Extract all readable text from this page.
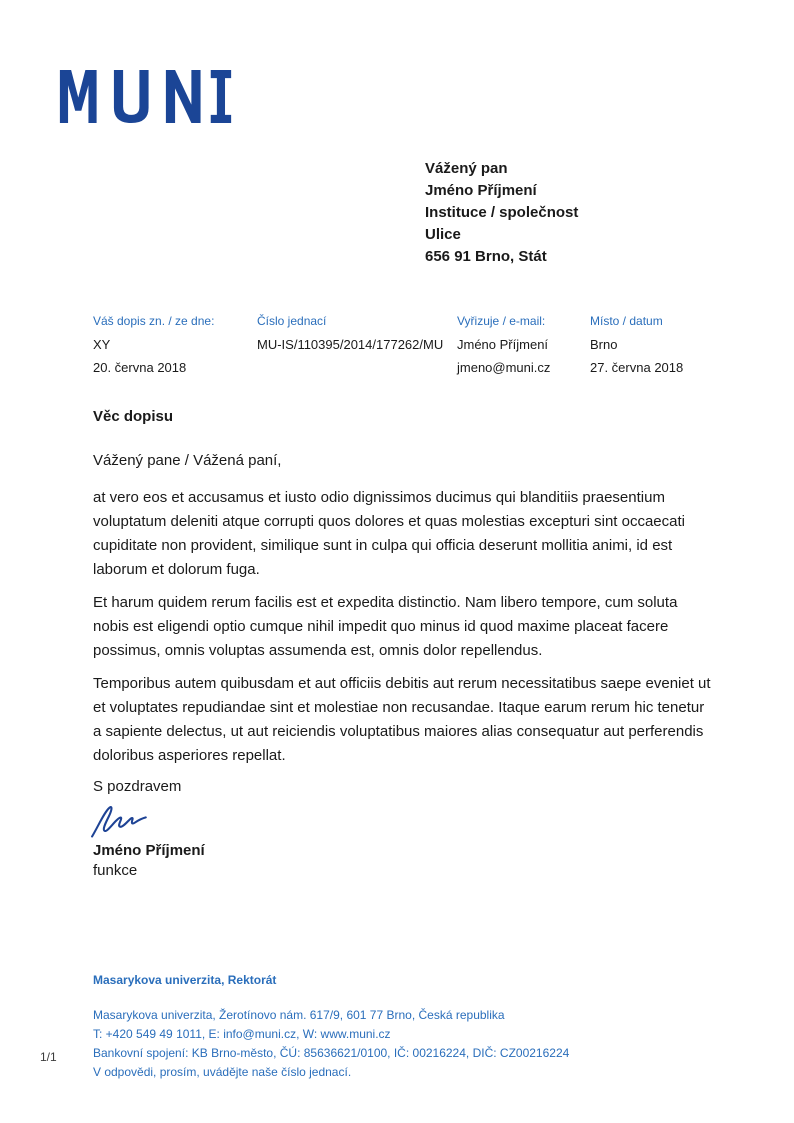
Vážený pan
Jméno Příjmení
Instituce / společnost
Ulice
656 91 Brno, Stát
Váš dopis zn. / ze dne:
XY
20. června 2018
Číslo jednací
MU-IS/110395/2014/177262/MU
Vyřizuje / e-mail:
Jméno Příjmení
jmeno@muni.cz
Místo / datum
Brno
27. června 2018
Věc dopisu
Vážený pane / Vážená paní,

at vero eos et accusamus et iusto odio dignissimos ducimus qui blanditiis praesentium voluptatum deleniti atque corrupti quos dolores et quas molestias excepturi sint occaecati cupiditate non provident, similique sunt in culpa qui officia deserunt mollitia animi, id est laborum et dolorum fuga.

Et harum quidem rerum facilis est et expedita distinctio. Nam libero tempore, cum soluta nobis est eligendi optio cumque nihil impedit quo minus id quod maxime placeat facere possimus, omnis voluptas assumenda est, omnis dolor repellendus.

Temporibus autem quibusdam et aut officiis debitis aut rerum necessitatibus saepe eveniet ut et voluptates repudiandae sint et molestiae non recusandae. Itaque earum rerum hic tenetur a sapiente delectus, ut aut reiciendis voluptatibus maiores alias consequatur aut perferendis doloribus asperiores repellat.

S pozdravem
Jméno Příjmení
funkce
Masarykova univerzita, Rektorát
Masarykova univerzita, Žerotínovo nám. 617/9, 601 77 Brno, Česká republika
T: +420 549 49 1011, E: info@muni.cz, W: www.muni.cz
Bankovní spojení: KB Brno-město, ČÚ: 85636621/0100, IČ: 00216224, DIČ: CZ00216224
V odpovědi, prosím, uvádějte naše číslo jednací.
1/1
